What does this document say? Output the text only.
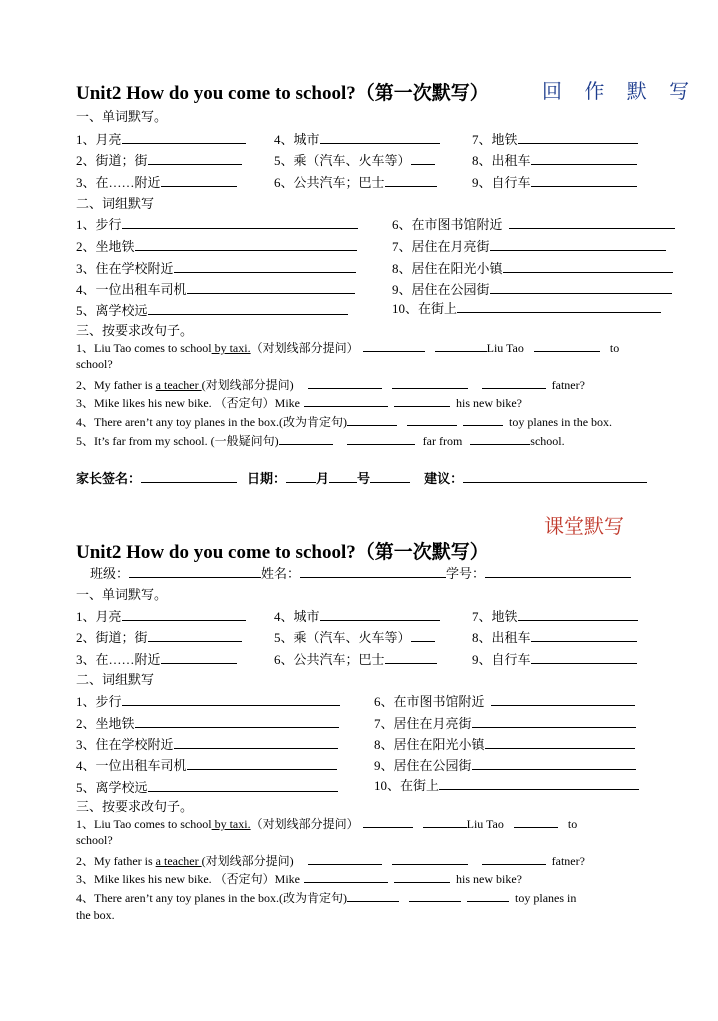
Unit2 How do you come to school?（第一次默写）	回 作 默 写
一、单词默写。
1、月亮	4、城市	7、地铁
2、街道；街	5、乘（汽车、火车等）	8、出租车
3、在……附近	6、公共汽车；巴士	9、自行车
二、词组默写
1、步行	6、在市图书馆附近
2、坐地铁	7、居住在月亮街
3、住在学校附近	8、居住在阳光小镇
4、一位出租车司机	9、居住在公园街
5、离学校远	10、在街上
三、按要求改句子。
1、Liu Tao comes to school by taxi.（对划线部分提问）	Liu Tao	to
school?
2、My father is a teacher (对划线部分提问)	fatner?
3、Mike likes his new bike. （否定句）Mike	his new bike?
4、There aren’t any toy planes in the box.(改为肯定句)	toy planes in the box.
5、It’s far from my school. (一般疑问句)	far from	school.
家长签名：	日期： 月 号	建议：
课堂默写
Unit2 How do you come to school?（第一次默写）
班级：	姓名：	学号：
一、单词默写。
1、月亮	4、城市	7、地铁
2、街道；街	5、乘（汽车、火车等）	8、出租车
3、在……附近	6、公共汽车；巴士	9、自行车
二、词组默写
1、步行	6、在市图书馆附近
2、坐地铁	7、居住在月亮街
3、住在学校附近	8、居住在阳光小镇
4、一位出租车司机	9、居住在公园街
5、离学校远	10、在街上
三、按要求改句子。
1、Liu Tao comes to school by taxi.（对划线部分提问）	Liu Tao	to
school?
2、My father is a teacher (对划线部分提问)	fatner?
3、Mike likes his new bike. （否定句）Mike	his new bike?
4、There aren’t any toy planes in the box.(改为肯定句)	toy planes in
the box.
